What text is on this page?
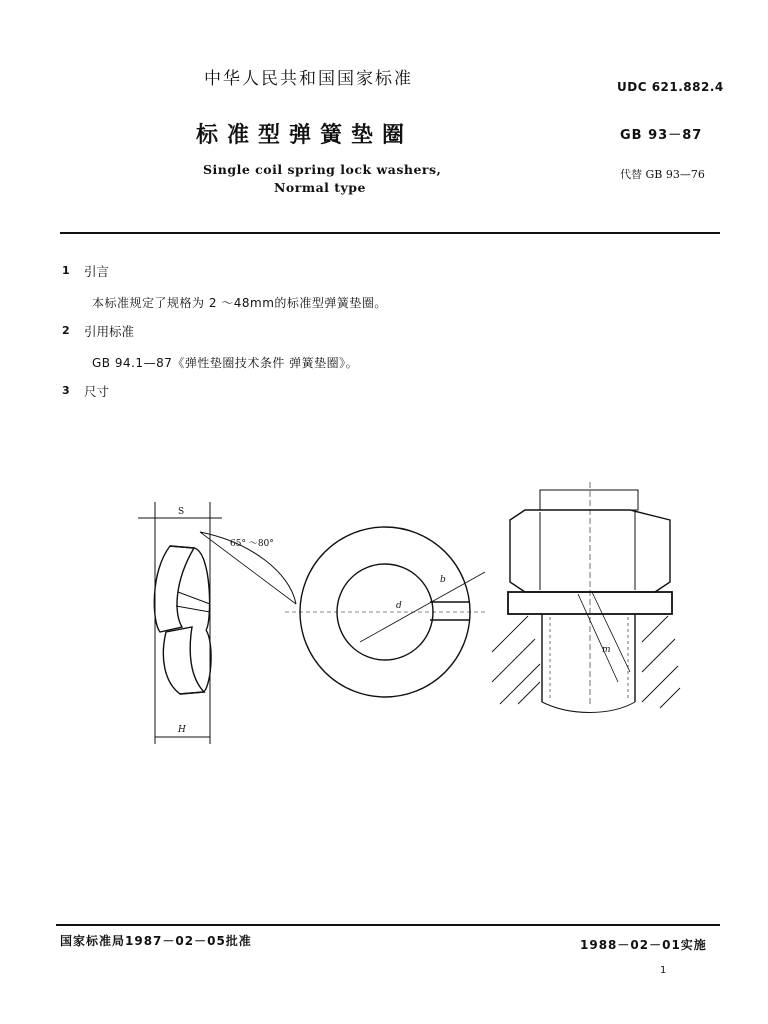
中华人民共和国国家标准
标准型弹簧垫圈
Single coil spring lock washers,
Normal type
UDC 621.882.4
GB 93－87
代替 GB 93—76
1 引言
本标准规定了规格为 2 ～48mm的标准型弹簧垫圈。
2 引用标准
GB 94.1—87《弹性垫圈技术条件 弹簧垫圈》。
3 尺寸
S
65° ～80°
d
b
H
m
国家标准局1987－02－05批准	1988－02－01实施
1
